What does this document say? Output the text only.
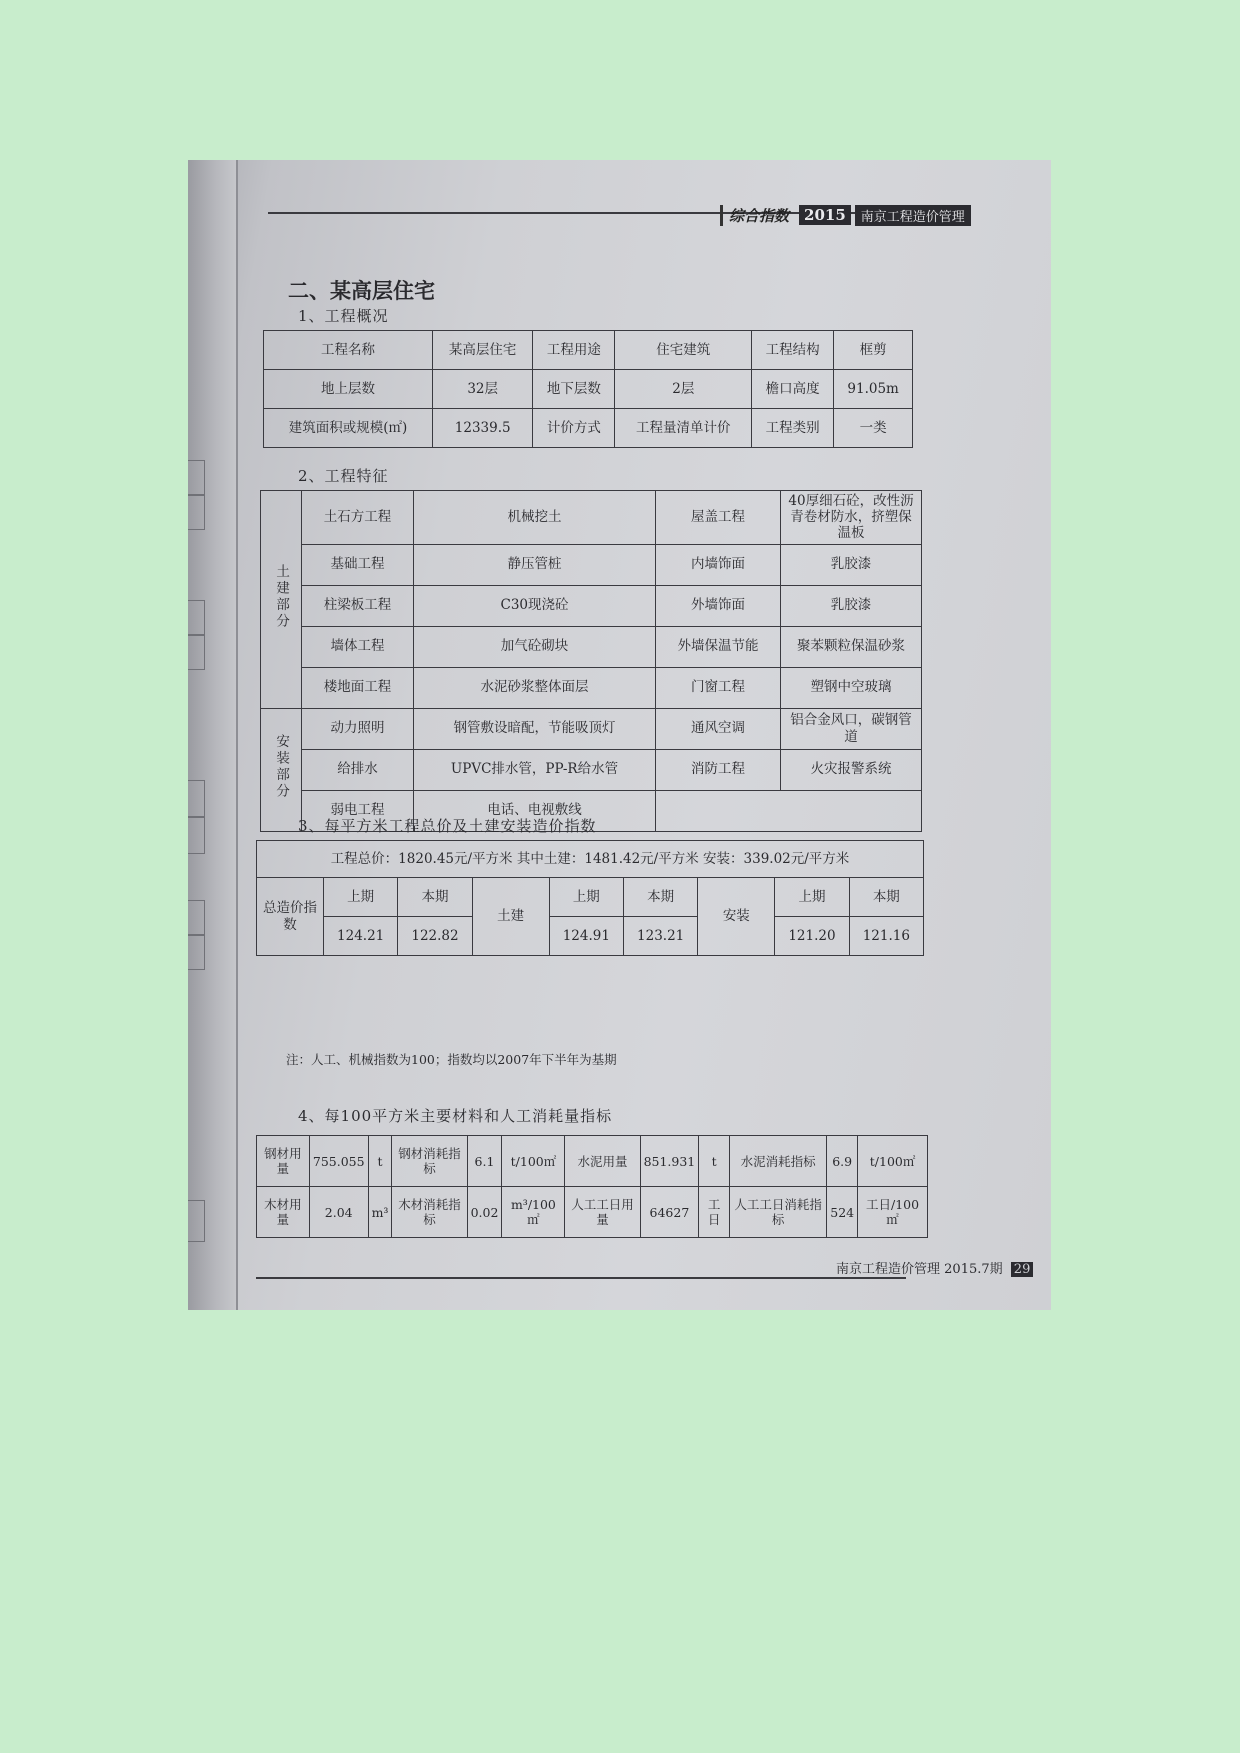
综合指数	2015	南京工程造价管理
二、某高层住宅
1、工程概况
工程名称	某高层住宅	工程用途	住宅建筑	工程结构	框剪
地上层数	32层	地下层数	2层	檐口高度	91.05m
建筑面积或规模(㎡)	12339.5	计价方式	工程量清单计价	工程类别	一类
2、工程特征
土建部分	土石方工程	机械挖土	屋盖工程	40厚细石砼，改性沥青卷材防水，挤塑保温板
	基础工程	静压管桩	内墙饰面	乳胶漆
	柱梁板工程	C30现浇砼	外墙饰面	乳胶漆
	墙体工程	加气砼砌块	外墙保温节能	聚苯颗粒保温砂浆
	楼地面工程	水泥砂浆整体面层	门窗工程	塑钢中空玻璃
安装部分	动力照明	钢管敷设暗配，节能吸顶灯	通风空调	铝合金风口，碳钢管道
	给排水	UPVC排水管，PP-R给水管	消防工程	火灾报警系统
	弱电工程	电话、电视敷线		
3、每平方米工程总价及土建安装造价指数
工程总价：1820.45元/平方米 其中土建：1481.42元/平方米 安装：339.02元/平方米								
总造价指数	上期	本期	土建	上期	本期	安装	上期	本期
	124.21	122.82		124.91	123.21		121.20	121.16
注：人工、机械指数为100；指数均以2007年下半年为基期
4、每100平方米主要材料和人工消耗量指标
钢材用量	755.055	t	钢材消耗指标	6.1	t/100㎡	水泥用量	851.931	t	水泥消耗指标	6.9	t/100㎡
木材用量	2.04	m³	木材消耗指标	0.02	m³/100㎡	人工工日用量	64627	工日	人工工日消耗指标	524	工日/100㎡
南京工程造价管理 2015.7期 29
